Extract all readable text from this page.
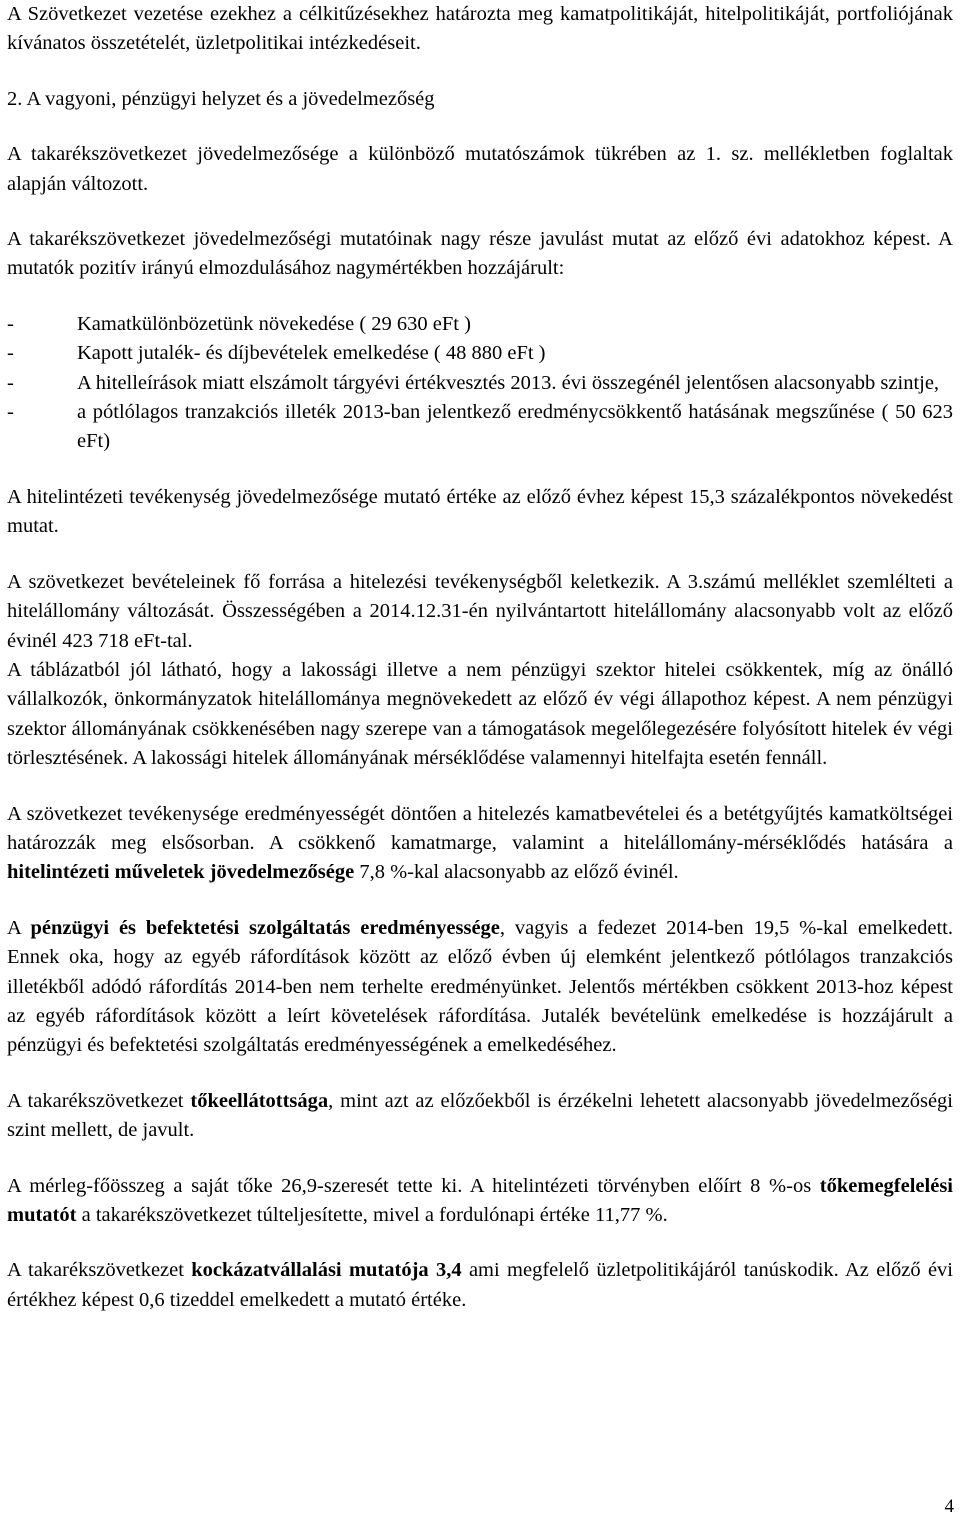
A Szövetkezet vezetése ezekhez a célkitűzésekhez határozta meg kamatpolitikáját, hitelpolitikáját, portfoliójának kívánatos összetételét, üzletpolitikai intézkedéseit.

2. A vagyoni, pénzügyi helyzet és a jövedelmezőség

A takarékszövetkezet jövedelmezősége a különböző mutatószámok tükrében az 1. sz. mellékletben foglaltak alapján változott.

A takarékszövetkezet jövedelmezőségi mutatóinak nagy része javulást mutat az előző évi adatokhoz képest. A mutatók pozitív irányú elmozdulásához nagymértékben hozzájárult:

-	Kamatkülönbözetünk növekedése ( 29 630 eFt )
-	Kapott jutalék- és díjbevételek emelkedése ( 48 880 eFt )
-	A hitelleírások miatt elszámolt tárgyévi értékvesztés 2013. évi összegénél jelentősen alacsonyabb szintje,
-	a pótlólagos tranzakciós illeték 2013-ban jelentkező eredménycsökkentő hatásának megszűnése ( 50 623 eFt)

A hitelintézeti tevékenység jövedelmezősége mutató értéke az előző évhez képest 15,3 százalékpontos növekedést mutat.

A szövetkezet bevételeinek fő forrása a hitelezési tevékenységből keletkezik. A 3.számú melléklet szemlélteti a hitelállomány változását. Összességében a 2014.12.31-én nyilvántartott hitelállomány alacsonyabb volt az előző évinél 423 718 eFt-tal.

A táblázatból jól látható, hogy a lakossági illetve a nem pénzügyi szektor hitelei csökkentek, míg az önálló vállalkozók, önkormányzatok hitelállománya megnövekedett az előző év végi állapothoz képest. A nem pénzügyi szektor állományának csökkenésében nagy szerepe van a támogatások megelőlegezésére folyósított hitelek év végi törlesztésének. A lakossági hitelek állományának mérséklődése valamennyi hitelfajta esetén fennáll.

A szövetkezet tevékenysége eredményességét döntően a hitelezés kamatbevételei és a betétgyűjtés kamatköltségei határozzák meg elsősorban. A csökkenő kamatmarge, valamint a hitelállomány-mérséklődés hatására a hitelintézeti műveletek jövedelmezősége 7,8 %-kal alacsonyabb az előző évinél.

A pénzügyi és befektetési szolgáltatás eredményessége, vagyis a fedezet 2014-ben 19,5 %-kal emelkedett. Ennek oka, hogy az egyéb ráfordítások között az előző évben új elemként jelentkező pótlólagos tranzakciós illetékből adódó ráfordítás 2014-ben nem terhelte eredményünket. Jelentős mértékben csökkent 2013-hoz képest az egyéb ráfordítások között a leírt követelések ráfordítása. Jutalék bevételünk emelkedése is hozzájárult a pénzügyi és befektetési szolgáltatás eredményességének a emelkedéséhez.

A takarékszövetkezet tőkeellátottsága, mint azt az előzőekből is érzékelni lehetett alacsonyabb jövedelmezőségi szint mellett, de javult.

A mérleg-főösszeg a saját tőke 26,9-szeresét tette ki. A hitelintézeti törvényben előírt 8 %-os tőkemegfelelési mutatót a takarékszövetkezet túlteljesítette, mivel a fordulónapi értéke 11,77 %.

A takarékszövetkezet kockázatvállalási mutatója 3,4 ami megfelelő üzletpolitikájáról tanúskodik. Az előző évi értékhez képest 0,6 tizeddel emelkedett a mutató értéke.

4
